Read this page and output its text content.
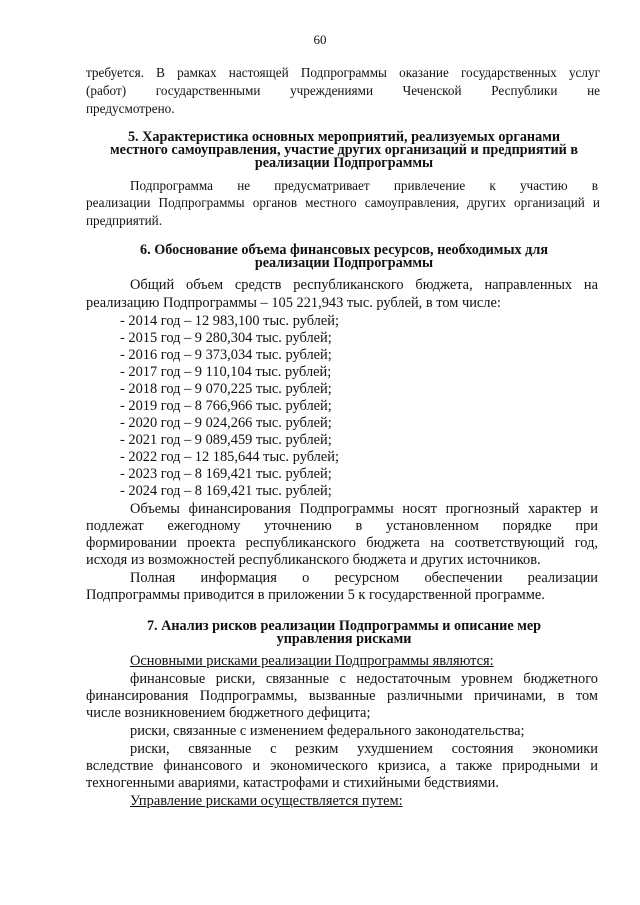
60
требуется. В рамках настоящей Подпрограммы оказание государственных услуг
(работ) государственными учреждениями Чеченской Республики не
предусмотрено.
5. Характеристика основных мероприятий, реализуемых органами
местного самоуправления, участие других организаций и предприятий в
реализации Подпрограммы
Подпрограмма не предусматривает привлечение к участию в
реализации Подпрограммы органов местного самоуправления, других организаций и
предприятий.
6. Обоснование объема финансовых ресурсов, необходимых для
реализации Подпрограммы
Общий объем средств республиканского бюджета, направленных на
реализацию Подпрограммы – 105 221,943 тыс. рублей, в том числе:
- 2014 год – 12 983,100 тыс. рублей;
- 2015 год – 9 280,304 тыс. рублей;
- 2016 год – 9 373,034 тыс. рублей;
- 2017 год – 9 110,104 тыс. рублей;
- 2018 год – 9 070,225 тыс. рублей;
- 2019 год – 8 766,966 тыс. рублей;
- 2020 год – 9 024,266 тыс. рублей;
- 2021 год – 9 089,459 тыс. рублей;
- 2022 год – 12 185,644 тыс. рублей;
- 2023 год – 8 169,421 тыс. рублей;
- 2024 год – 8 169,421 тыс. рублей;
Объемы финансирования Подпрограммы носят прогнозный характер и
подлежат ежегодному уточнению в установленном порядке при
формировании проекта республиканского бюджета на соответствующий год,
исходя из возможностей республиканского бюджета и других источников.
Полная информация о ресурсном обеспечении реализации
Подпрограммы приводится в приложении 5 к государственной программе.
7. Анализ рисков реализации Подпрограммы и описание мер
управления рисками
Основными рисками реализации Подпрограммы являются:
финансовые риски, связанные с недостаточным уровнем бюджетного
финансирования Подпрограммы, вызванные различными причинами, в том
числе возникновением бюджетного дефицита;
риски, связанные с изменением федерального законодательства;
риски, связанные с резким ухудшением состояния экономики
вследствие финансового и экономического кризиса, а также природными и
техногенными авариями, катастрофами и стихийными бедствиями.
Управление рисками осуществляется путем:
